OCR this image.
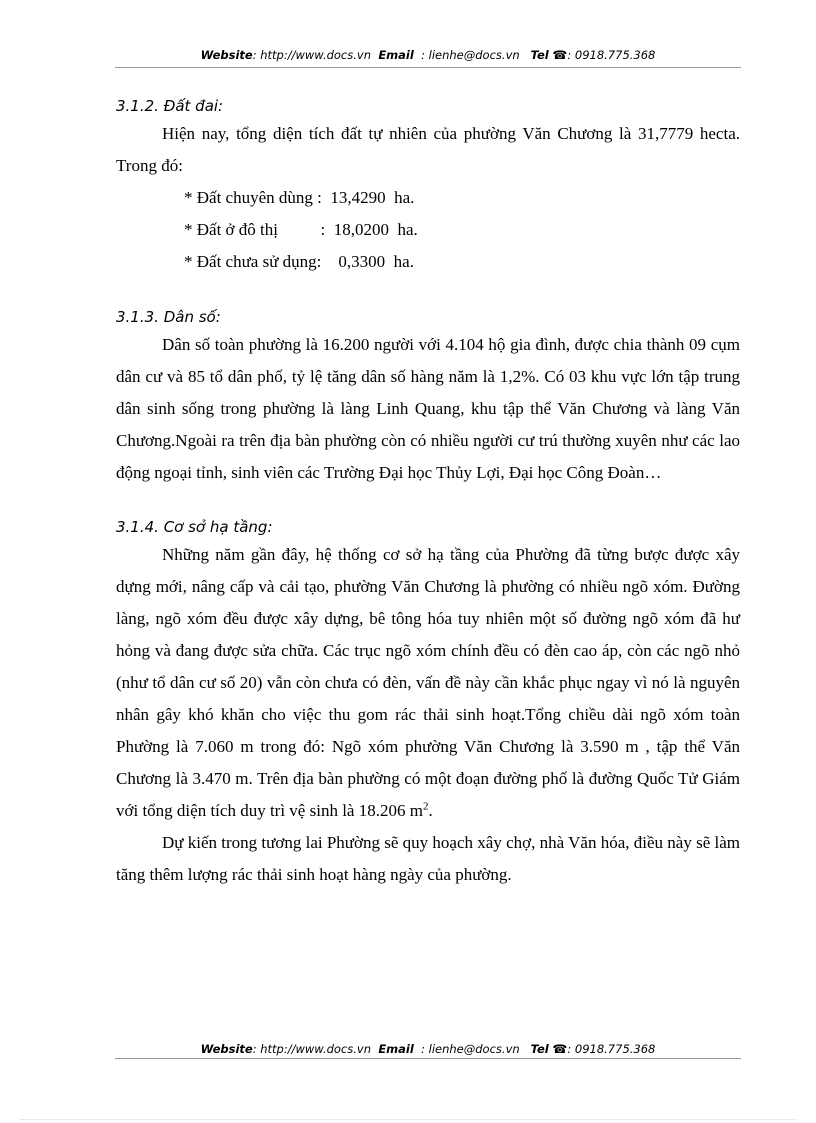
Website: http://www.docs.vn Email : lienhe@docs.vn Tel ☎: 0918.775.368
3.1.2. Đất đai:

Hiện nay, tổng diện tích đất tự nhiên của phường Văn Chương là 31,7779 hecta. Trong đó:

* Đất chuyên dùng :  13,4290  ha.
* Đất ở đô thị          :  18,0200  ha.
* Đất chưa sử dụng:    0,3300  ha.
3.1.3. Dân số:

Dân số toàn phường là 16.200 người với 4.104 hộ gia đình, được chia thành 09 cụm dân cư và 85 tổ dân phố, tỷ lệ tăng dân số hàng năm là 1,2%. Có 03 khu vực lớn tập trung dân sinh sống trong phường là làng Linh Quang, khu tập thể Văn Chương và làng Văn Chương.Ngoài ra trên địa bàn phường còn có nhiều người cư trú thường xuyên như các lao động ngoại tỉnh, sinh viên các Trường Đại học Thủy Lợi, Đại học Công Đoàn…

3.1.4. Cơ sở hạ tầng:

Những năm gần đây, hệ thống cơ sở hạ tầng của Phường đã từng bược được xây dựng mới, nâng cấp và cải tạo, phường Văn Chương là phường có nhiều ngõ xóm. Đường làng, ngõ xóm đều được xây dựng, bê tông hóa tuy nhiên một số đường ngõ xóm đã hư hỏng và đang được sửa chữa. Các trục ngõ xóm chính đều có đèn cao áp, còn các ngõ nhỏ (như tổ dân cư số 20) vẫn còn chưa có đèn, vấn đề này cần khắc phục ngay vì nó là nguyên nhân gây khó khăn cho việc thu gom rác thải sinh hoạt.Tổng chiều dài ngõ xóm toàn Phường là 7.060 m trong đó: Ngõ xóm phường Văn Chương là 3.590 m , tập thể Văn Chương là 3.470 m. Trên địa bàn phường có một đoạn đường phố là đường Quốc Tử Giám với tổng diện tích duy trì vệ sinh là 18.206 $m^2$.

Dự kiến trong tương lai Phường sẽ quy hoạch xây chợ, nhà Văn hóa, điều này sẽ làm tăng thêm lượng rác thải sinh hoạt hàng ngày của phường.

Website: http://www.docs.vn Email : lienhe@docs.vn Tel ☎: 0918.775.368
